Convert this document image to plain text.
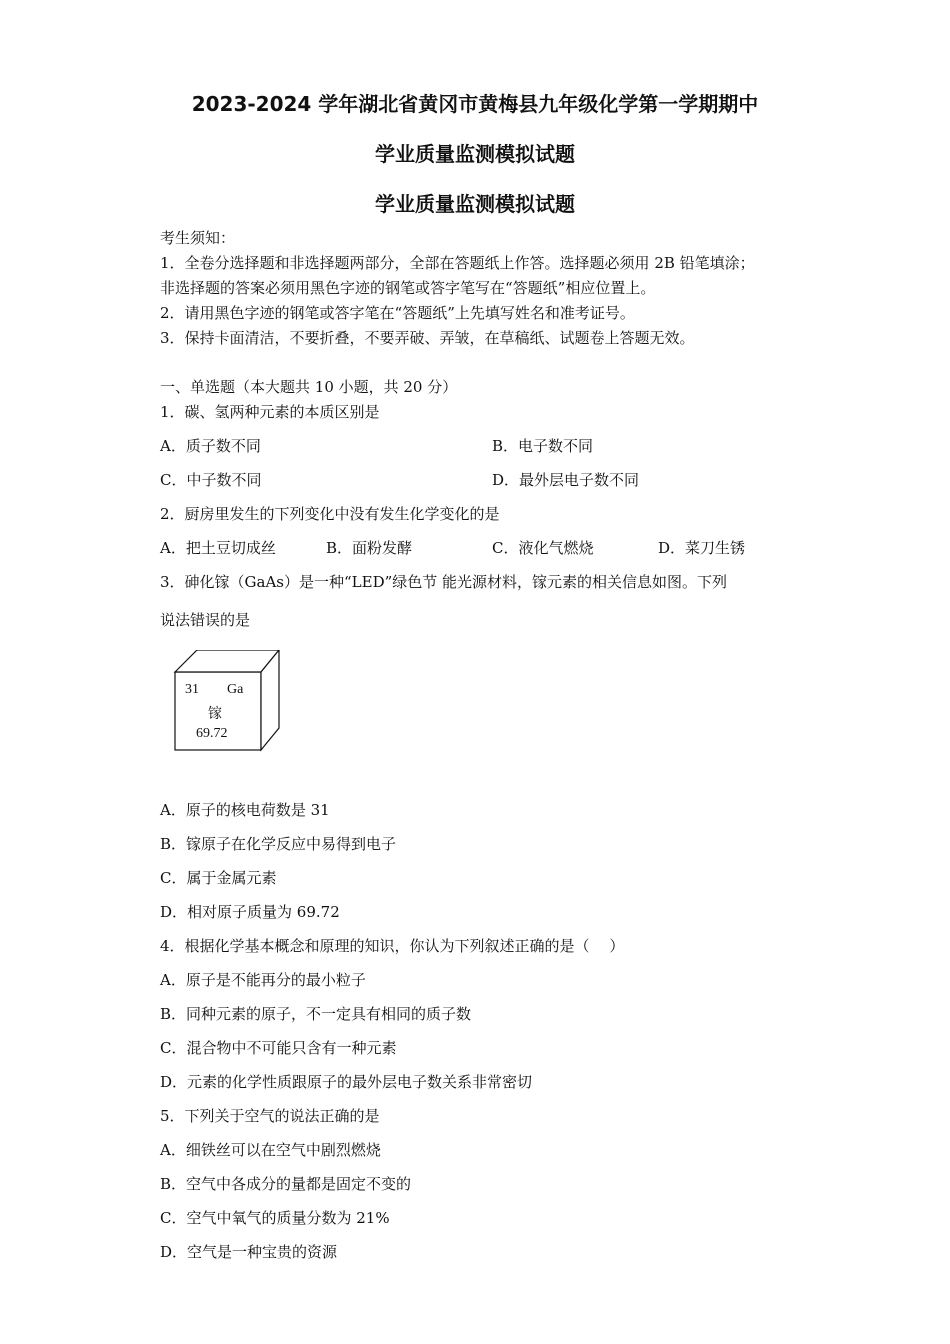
2023-2024 学年湖北省黄冈市黄梅县九年级化学第一学期期中
学业质量监测模拟试题
学业质量监测模拟试题
考生须知：
1．全卷分选择题和非选择题两部分，全部在答题纸上作答。选择题必须用 2B 铅笔填涂；
非选择题的答案必须用黑色字迹的钢笔或答字笔写在“答题纸”相应位置上。
2．请用黑色字迹的钢笔或答字笔在“答题纸”上先填写姓名和准考证号。
3．保持卡面清洁，不要折叠，不要弄破、弄皱，在草稿纸、试题卷上答题无效。
一、单选题（本大题共 10 小题，共 20 分）
1．碳、氢两种元素的本质区别是
A．质子数不同	B．电子数不同
C．中子数不同	D．最外层电子数不同
2．厨房里发生的下列变化中没有发生化学变化的是
A．把土豆切成丝	B．面粉发酵	C．液化气燃烧	D．菜刀生锈
3．砷化镓（GaAs）是一种“LED”绿色节 能光源材料，镓元素的相关信息如图。下列
说法错误的是
31 Ga
镓
69.72
A．原子的核电荷数是 31
B．镓原子在化学反应中易得到电子
C．属于金属元素
D．相对原子质量为 69.72
4．根据化学基本概念和原理的知识，你认为下列叙述正确的是（　 ）
A．原子是不能再分的最小粒子
B．同种元素的原子，不一定具有相同的质子数
C．混合物中不可能只含有一种元素
D．元素的化学性质跟原子的最外层电子数关系非常密切
5．下列关于空气的说法正确的是
A．细铁丝可以在空气中剧烈燃烧
B．空气中各成分的量都是固定不变的
C．空气中氧气的质量分数为 21%
D．空气是一种宝贵的资源
